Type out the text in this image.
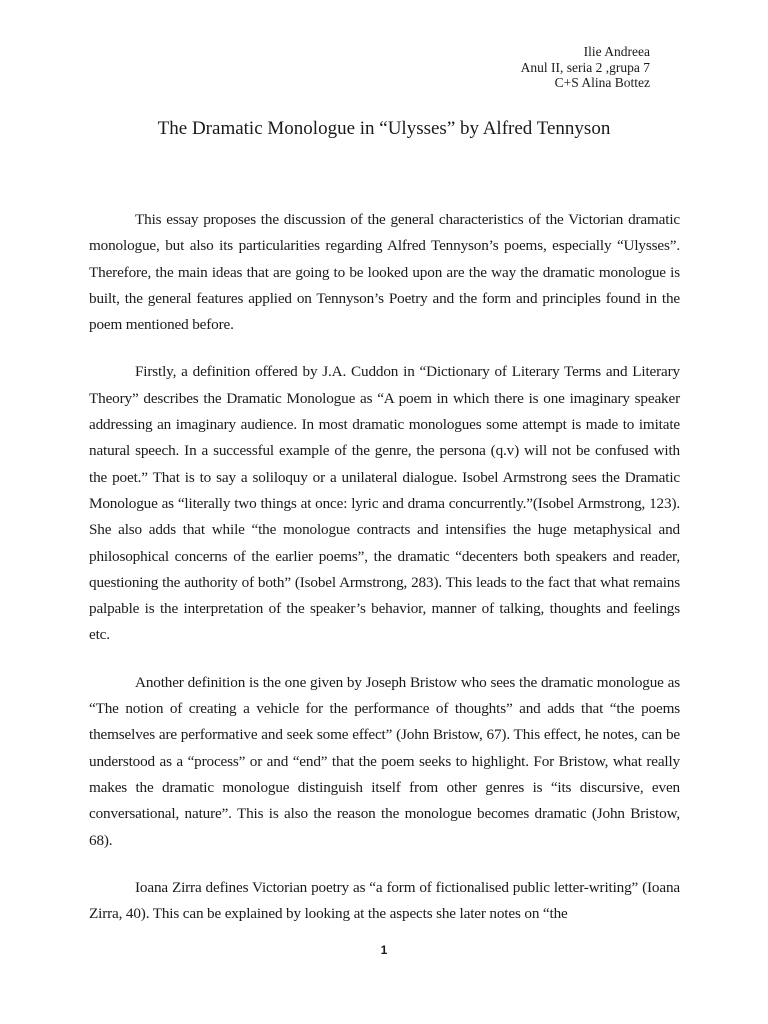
Ilie Andreea
Anul II, seria 2 ,grupa 7
C+S Alina Bottez
The Dramatic Monologue in “Ulysses” by Alfred Tennyson

This essay proposes the discussion of the general characteristics of the Victorian dramatic monologue, but also its particularities regarding Alfred Tennyson’s poems, especially “Ulysses”. Therefore, the main ideas that are going to be looked upon are the way the dramatic monologue is built, the general features applied on Tennyson’s Poetry and the form and principles found in the poem mentioned before.

Firstly, a definition offered by J.A. Cuddon in “Dictionary of Literary Terms and Literary Theory” describes the Dramatic Monologue as “A poem in which there is one imaginary speaker addressing an imaginary audience. In most dramatic monologues some attempt is made to imitate natural speech. In a successful example of the genre, the persona (q.v) will not be confused with the poet.” That is to say a soliloquy or a unilateral dialogue. Isobel Armstrong sees the Dramatic Monologue as “literally two things at once: lyric and drama concurrently.”(Isobel Armstrong, 123). She also adds that while “the monologue contracts and intensifies the huge metaphysical and philosophical concerns of the earlier poems”, the dramatic “decenters both speakers and reader, questioning the authority of both” (Isobel Armstrong, 283). This leads to the fact that what remains palpable is the interpretation of the speaker’s behavior, manner of talking, thoughts and feelings etc.

Another definition is the one given by Joseph Bristow who sees the dramatic monologue as “The notion of creating a vehicle for the performance of thoughts” and adds that “the poems themselves are performative and seek some effect” (John Bristow, 67). This effect, he notes, can be understood as a “process” or and “end” that the poem seeks to highlight. For Bristow, what really makes the dramatic monologue distinguish itself from other genres is “its discursive, even conversational, nature”. This is also the reason the monologue becomes dramatic (John Bristow, 68).

Ioana Zirra defines Victorian poetry as “a form of fictionalised public letter-writing” (Ioana Zirra, 40). This can be explained by looking at the aspects she later notes on “the

1
